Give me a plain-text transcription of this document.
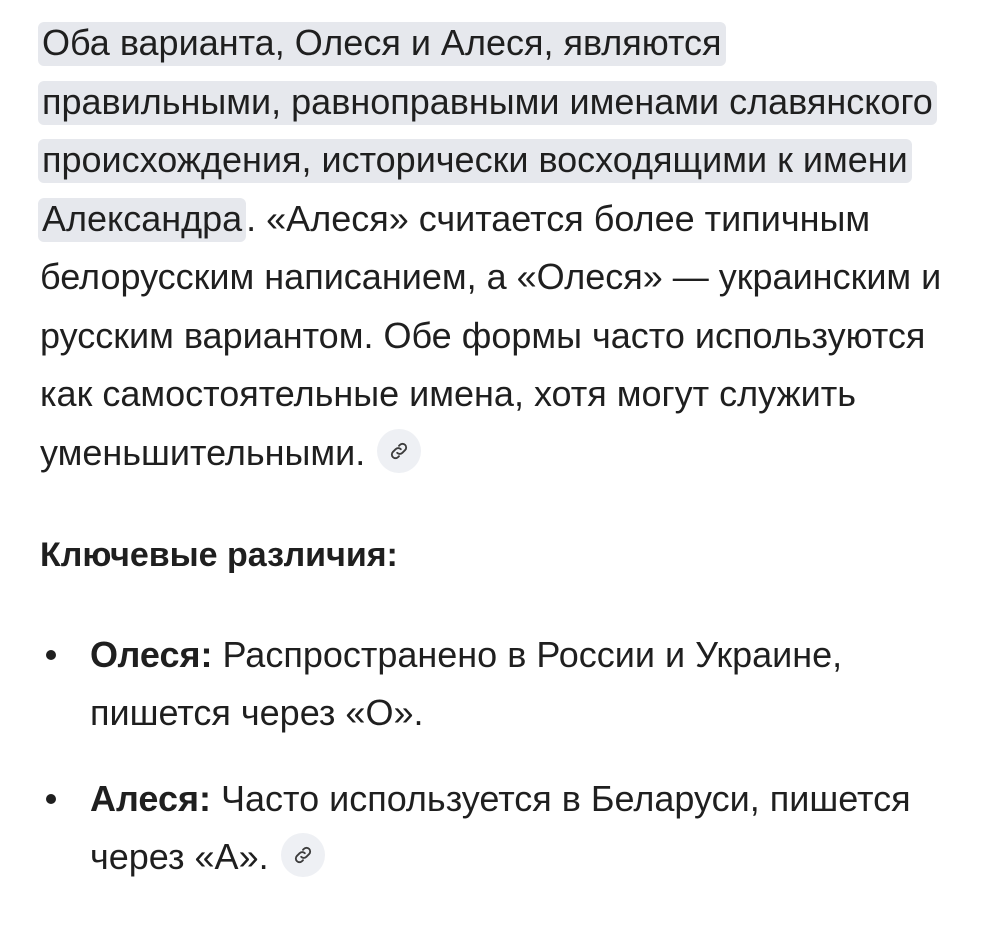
Оба варианта, Олеся и Алеся, являются правильными, равноправными именами славянского происхождения, исторически восходящими к имени Александра . «Алеся» считается более типичным белорусским написанием, а «Олеся» — украинским и русским вариантом. Обе формы часто используются как самостоятельные имена, хотя могут служить уменьшительными.

Ключевые различия:
Олеся: Распространено в России и Украине, пишется через «О».
Алеся: Часто используется в Беларуси, пишется через «А».
